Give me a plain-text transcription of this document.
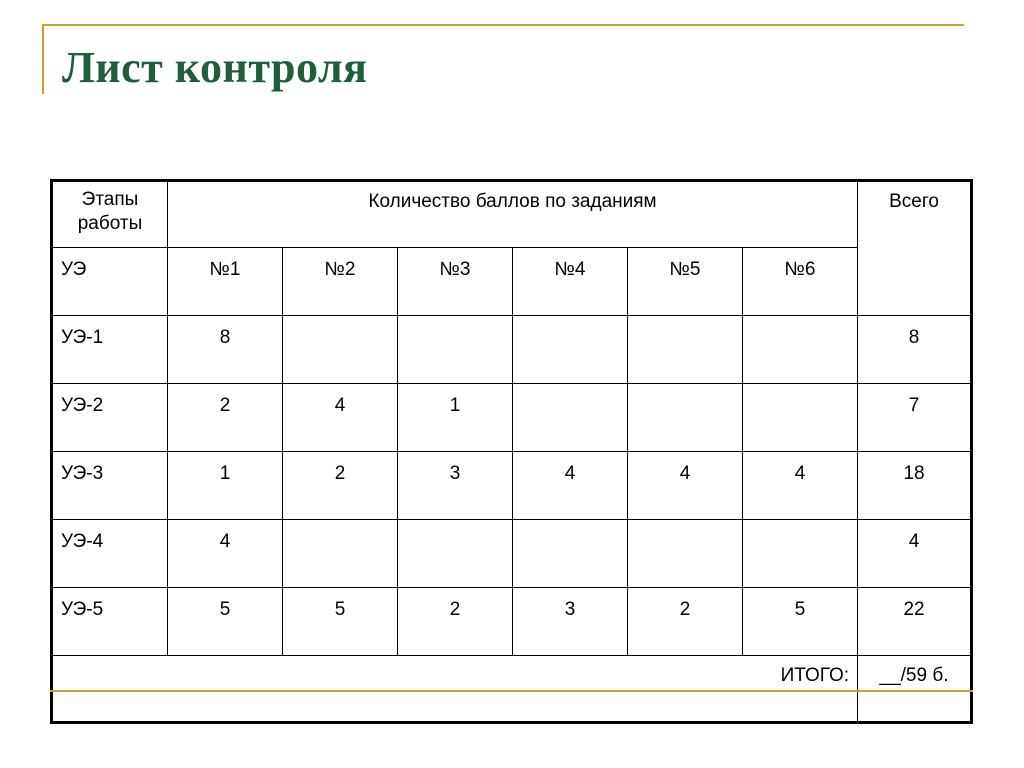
Лист контроля
Этапы работы	Количество баллов по заданиям						Всего
УЭ	№1	№2	№3	№4	№5	№6	
УЭ-1	8						8
УЭ-2	2	4	1				7
УЭ-3	1	2	3	4	4	4	18
УЭ-4	4						4
УЭ-5	5	5	2	3	2	5	22
ИТОГО:							__/59 б.
